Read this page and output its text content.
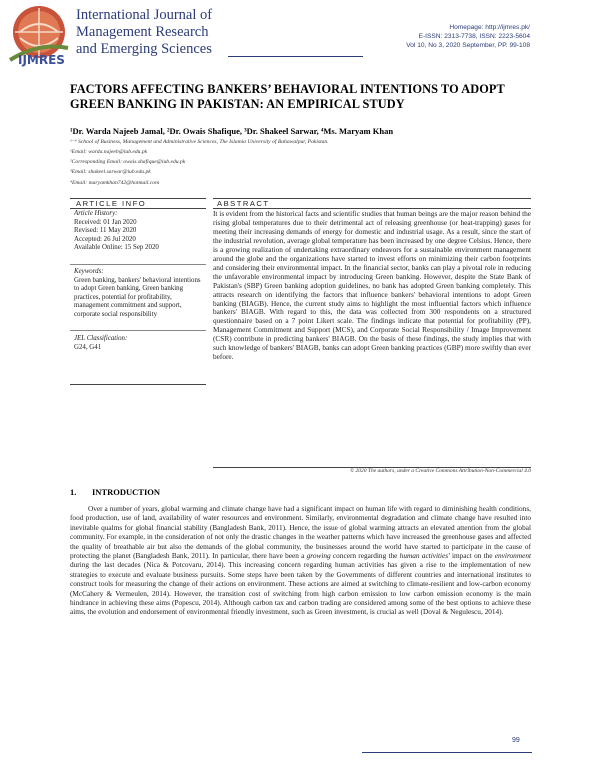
IJMRES
International Journal of
Management Research
and Emerging Sciences
Homepage: http://ijmres.pk/
E-ISSN: 2313-7738, ISSN: 2223-5604
Vol 10, No 3, 2020 September, PP. 99-108
FACTORS AFFECTING BANKERS’ BEHAVIORAL INTENTIONS TO ADOPT GREEN BANKING IN PAKISTAN: AN EMPIRICAL STUDY
¹Dr. Warda Najeeb Jamal, ²Dr. Owais Shafique, ³Dr. Shakeel Sarwar, ⁴Ms. Maryam Khan
¹⁻⁴ School of Business, Management and Administrative Sciences, The Islamia University of Bahawalpur, Pakistan.
¹Email: warda.najeeb@iub.edu.pk
²Corresponding Email: owais.shafique@iub.edu.pk
³Email: shakeel.sarwar@iub.edu.pk
⁴Email: maryamkhan742@hotmail.com
ARTICLE INFO
Article History:
Received: 01 Jan 2020
Revised: 11 May 2020
Accepted: 26 Jul 2020
Available Online: 15 Sep 2020
Keywords:
Green banking, bankers' behavioral intentions to adopt Green banking, Green banking practices, potential for profitability, management commitment and support, corporate social responsibility
JEL Classification:
G24, G41
ABSTRACT
It is evident from the historical facts and scientific studies that human beings are the major reason behind the rising global temperatures due to their detrimental act of releasing greenhouse (or heat-trapping) gases for meeting their increasing demands of energy for domestic and industrial usage. As a result, since the start of the industrial revolution, average global temperature has been increased by one degree Celsius. Hence, there is a growing realization of undertaking extraordinary endeavors for a sustainable environment management around the globe and the organizations have started to invest efforts on minimizing their carbon footprints and considering their environmental impact. In the financial sector, banks can play a pivotal role in reducing the unfavorable environmental impact by introducing Green banking. However, despite the State Bank of Pakistan's (SBP) Green banking adoption guidelines, no bank has adopted Green banking completely. This attracts research on identifying the factors that influence bankers' behavioral intentions to adopt Green banking (BIAGB). Hence, the current study aims to highlight the most influential factors which influence bankers' BIAGB. With regard to this, the data was collected from 300 respondents on a structured questionnaire based on a 7 point Likert scale. The findings indicate that potential for profitability (PP), Management Commitment and Support (MCS), and Corporate Social Responsibility / Image Improvement (CSR) contribute in predicting bankers' BIAGB. On the basis of these findings, the study implies that with such knowledge of bankers' BIAGB, banks can adopt Green banking practices (GBP) more swiftly than ever before.
© 2020 The authors, under a Creative Commons Attribution-Non-Commercial 4.0
1. INTRODUCTION
Over a number of years, global warming and climate change have had a significant impact on human life with regard to diminishing health conditions, food production, use of land, availability of water resources and environment. Similarly, environmental degradation and climate change have resulted into inevitable qualms for global financial stability (Bangladesh Bank, 2011). Hence, the issue of global warming attracts an elevated attention from the global community. For example, in the consideration of not only the drastic changes in the weather patterns which have increased the greenhouse gases and affected the quality of breathable air but also the demands of the global community, the businesses around the world have started to participate in the cause of protecting the planet (Bangladesh Bank, 2011). In particular, there have been a growing concern regarding the human activities' impact on the environment during the last decades (Nica & Potcovaru, 2014). This increasing concern regarding human activities has given a rise to the implementation of new strategies to execute and evaluate business pursuits. Some steps have been taken by the Governments of different countries and international institutes to construct tools for measuring the change of their actions on environment. These actions are aimed at switching to climate-resilient and low-carbon economy (McCahery & Vermeulen, 2014). However, the transition cost of switching from high carbon emission to low carbon emission economy is the main hindrance in achieving these aims (Popescu, 2014). Although carbon tax and carbon trading are considered among some of the best options to achieve these aims, the evolution and endorsement of environmental friendly investment, such as Green investment, is crucial as well (Doval & Negulescu, 2014).
99
